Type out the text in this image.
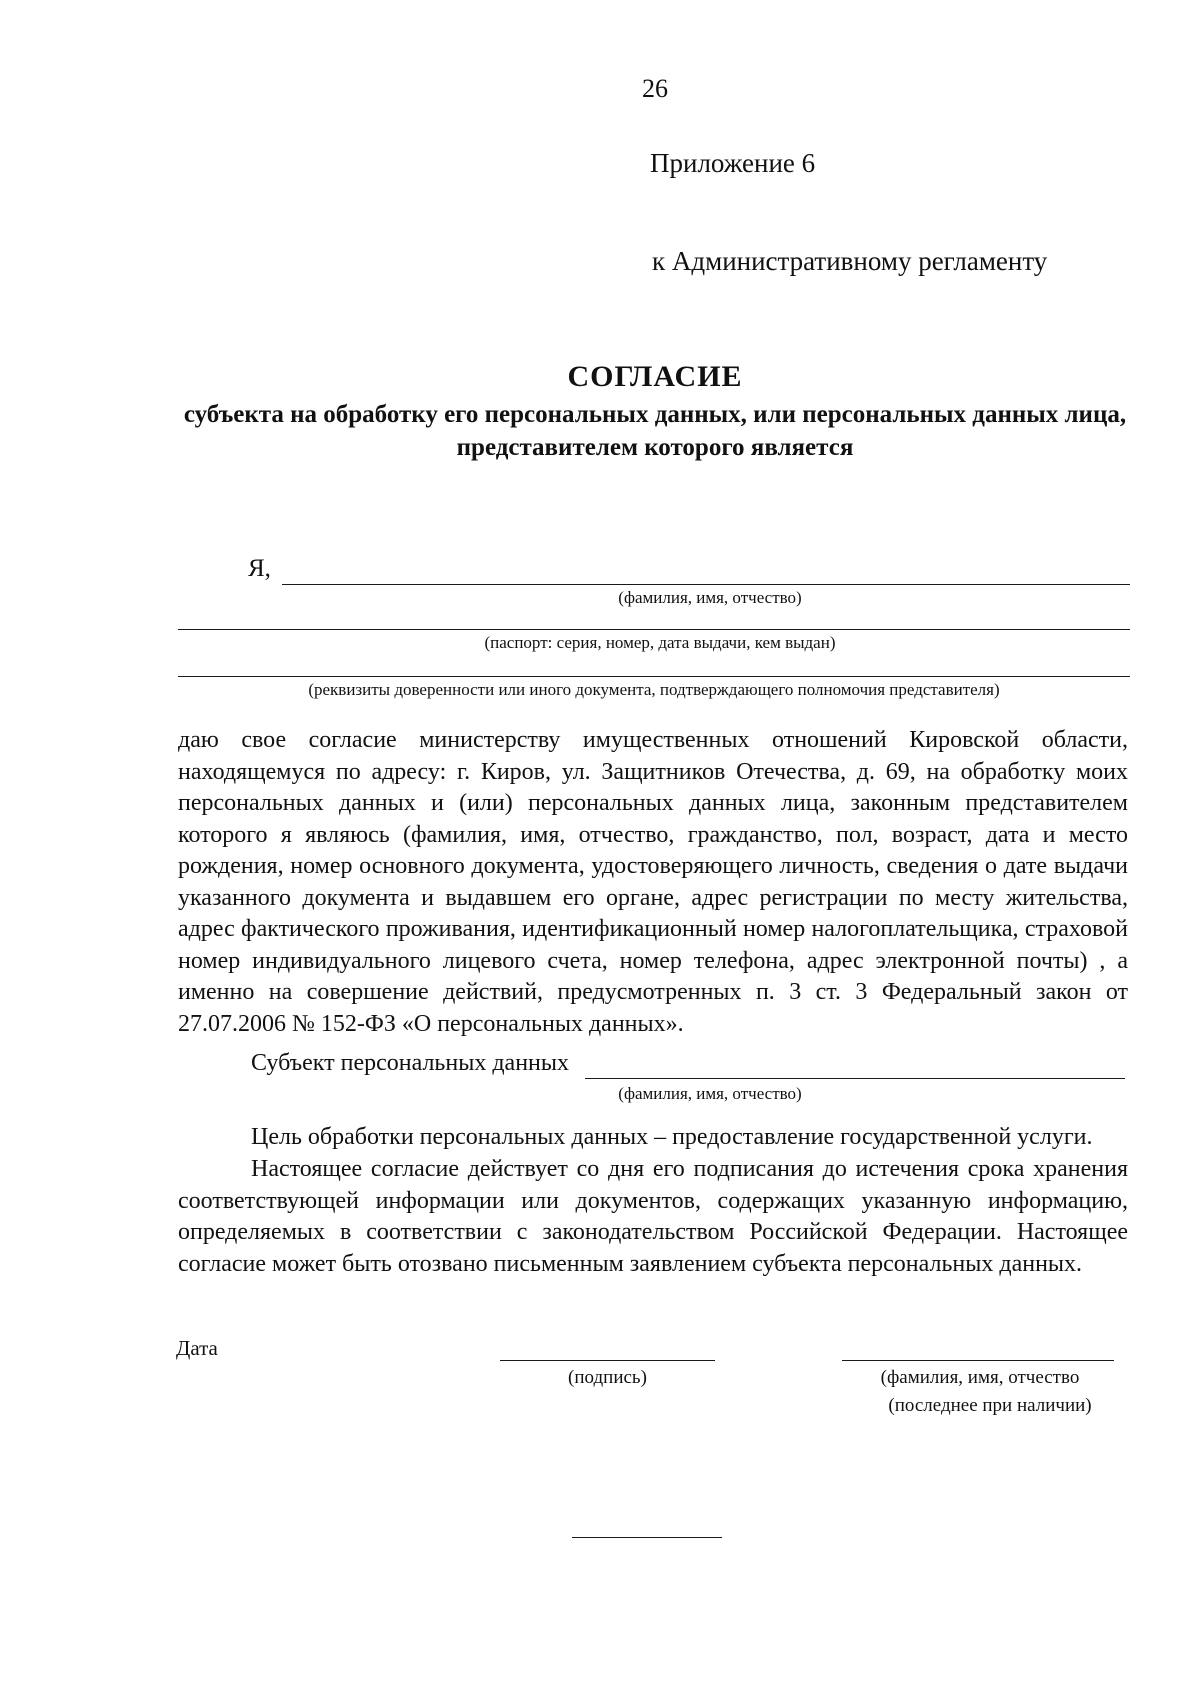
26
Приложение 6
к Административному регламенту
СОГЛАСИЕ
субъекта на обработку его персональных данных, или персональных данных лица, представителем которого является
Я,
(фамилия, имя, отчество)
(паспорт: серия, номер, дата выдачи, кем выдан)
(реквизиты доверенности или иного документа, подтверждающего полномочия представителя)
даю свое согласие министерству имущественных отношений Кировской области, находящемуся по адресу: г. Киров, ул. Защитников Отечества, д. 69, на обработку моих персональных данных и (или) персональных данных лица, законным представителем которого я являюсь (фамилия, имя, отчество, гражданство, пол, возраст, дата и место рождения, номер основного документа, удостоверяющего личность, сведения о дате выдачи указанного документа и выдавшем его органе, адрес регистрации по месту жительства, адрес фактического проживания, идентификационный номер налогоплательщика, страховой номер индивидуального лицевого счета, номер телефона, адрес электронной почты) , а именно на совершение действий, предусмотренных п. 3 ст. 3 Федеральный закон от 27.07.2006 № 152-ФЗ «О персональных данных».
Субъект персональных данных
(фамилия, имя, отчество)
Цель обработки персональных данных – предоставление государственной услуги.
Настоящее согласие действует со дня его подписания до истечения срока хранения соответствующей информации или документов, содержащих указанную информацию, определяемых в соответствии с законодательством Российской Федерации. Настоящее согласие может быть отозвано письменным заявлением субъекта персональных данных.
Дата
(подпись)	(фамилия, имя, отчество
(последнее при наличии)
